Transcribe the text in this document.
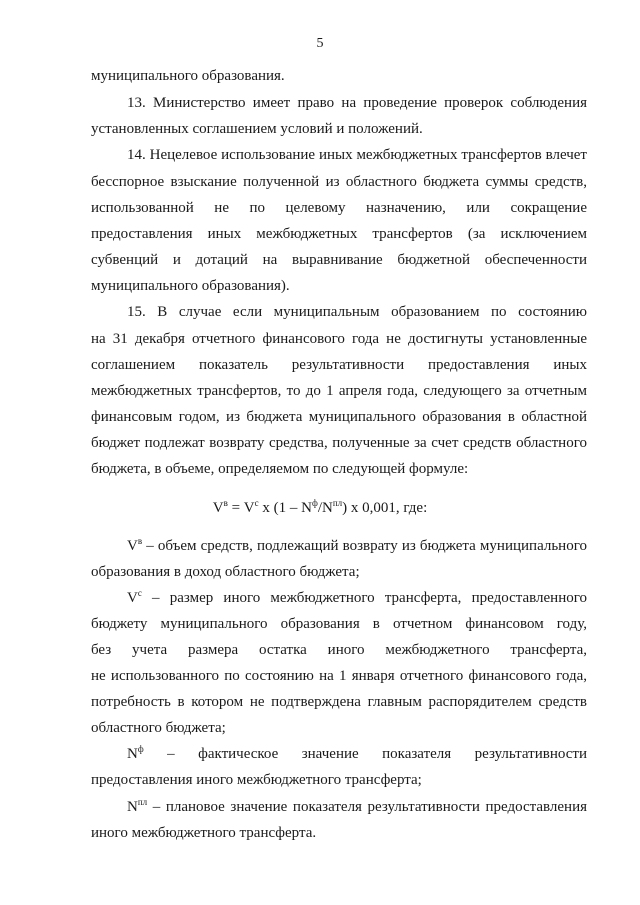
5
муниципального образования.
13. Министерство имеет право на проведение проверок соблюдения
установленных соглашением условий и положений.
14. Нецелевое использование иных межбюджетных трансфертов влечет
бесспорное взыскание полученной из областного бюджета суммы средств,
использованной не по целевому назначению, или сокращение
предоставления иных межбюджетных трансфертов (за исключением
субвенций и дотаций на выравнивание бюджетной обеспеченности
муниципального образования).
15. В случае если муниципальным образованием по состоянию
на 31 декабря отчетного финансового года не достигнуты установленные
соглашением показатель результативности предоставления иных
межбюджетных трансфертов, то до 1 апреля года, следующего за отчетным
финансовым годом, из бюджета муниципального образования в областной
бюджет подлежат возврату средства, полученные за счет средств областного
бюджета, в объеме, определяемом по следующей формуле:
$V^в = V^с$ x $(1 - N^ф/N^{пл})$ x 0,001, где:
$V^в$ – объем средств, подлежащий возврату из бюджета муниципального
образования в доход областного бюджета;
$V^с$ – размер иного межбюджетного трансферта, предоставленного
бюджету муниципального образования в отчетном финансовом году,
без учета размера остатка иного межбюджетного трансферта,
не использованного по состоянию на 1 января отчетного финансового года,
потребность в котором не подтверждена главным распорядителем средств
областного бюджета;
$N^ф$ – фактическое значение показателя результативности
предоставления иного межбюджетного трансферта;
$N^{пл}$ – плановое значение показателя результативности предоставления
иного межбюджетного трансферта.
